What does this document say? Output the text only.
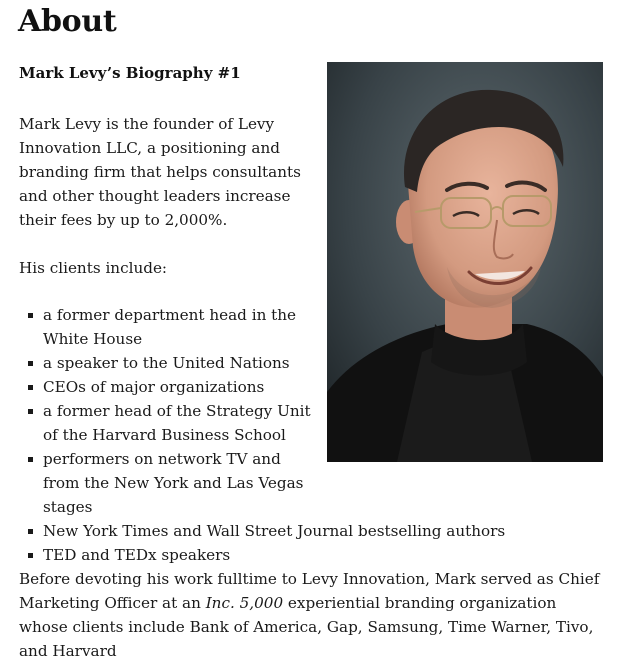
About
Mark Levy’s Biography #1

Mark Levy is the founder of Levy Innovation LLC, a positioning and branding firm that helps consultants and other thought leaders increase their fees by up to 2,000%.

His clients include:

a former department head in the White House
a speaker to the United Nations
CEOs of major organizations
a former head of the Strategy Unit of the Harvard Business School
performers on network TV and from the New York and Las Vegas stages
New York Times and Wall Street Journal bestselling authors
TED and TEDx speakers

Before devoting his work fulltime to Levy Innovation, Mark served as Chief Marketing Officer at an Inc. 5,000 experiential branding organization whose clients include Bank of America, Gap, Samsung, Time Warner, Tivo, and Harvard
